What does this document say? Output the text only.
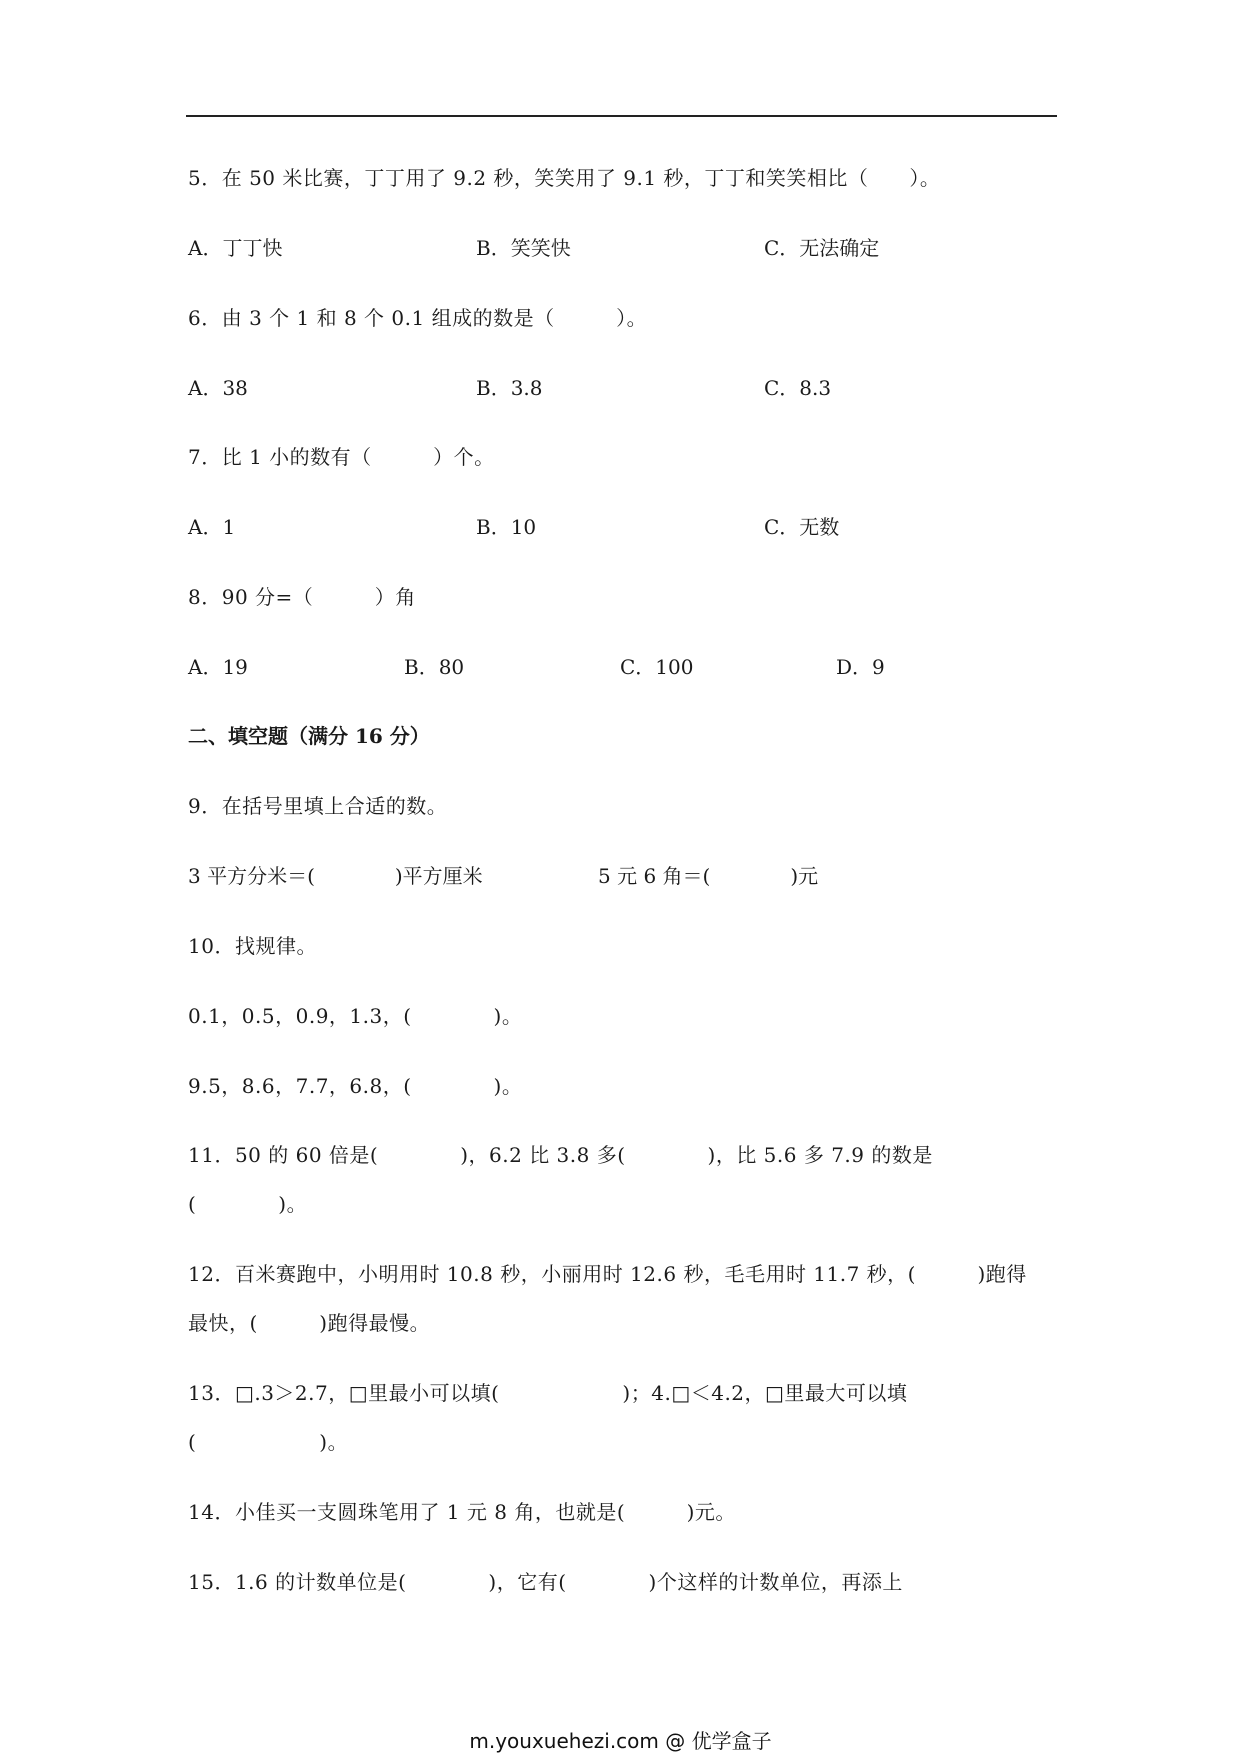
5．在 50 米比赛，丁丁用了 9.2 秒，笑笑用了 9.1 秒，丁丁和笑笑相比（　　）。
A．丁丁快	B．笑笑快	C．无法确定
6．由 3 个 1 和 8 个 0.1 组成的数是（　　　）。
A．38	B．3.8	C．8.3
7．比 1 小的数有（　　　）个。
A．1	B．10	C．无数
8．90 分=（　　　）角
A．19	B．80	C．100	D．9
二、填空题（满分 16 分）
9．在括号里填上合适的数。
3 平方分米＝(　　　　)平方厘米	5 元 6 角＝(　　　　)元
10．找规律。
0.1，0.5，0.9，1.3，(　　　　)。
9.5，8.6，7.7，6.8，(　　　　)。
11．50 的 60 倍是(　　　　)，6.2 比 3.8 多(　　　　)，比 5.6 多 7.9 的数是
(　　　　)。
12．百米赛跑中，小明用时 10.8 秒，小丽用时 12.6 秒，毛毛用时 11.7 秒，(　　　)跑得
最快，(　　　)跑得最慢。
13．□.3＞2.7，□里最小可以填(　　　　　　)；4.□＜4.2，□里最大可以填
(　　　　　　)。
14．小佳买一支圆珠笔用了 1 元 8 角，也就是(　　　)元。
15．1.6 的计数单位是(　　　　)，它有(　　　　)个这样的计数单位，再添上
m.youxuehezi.com @ 优学盒子
